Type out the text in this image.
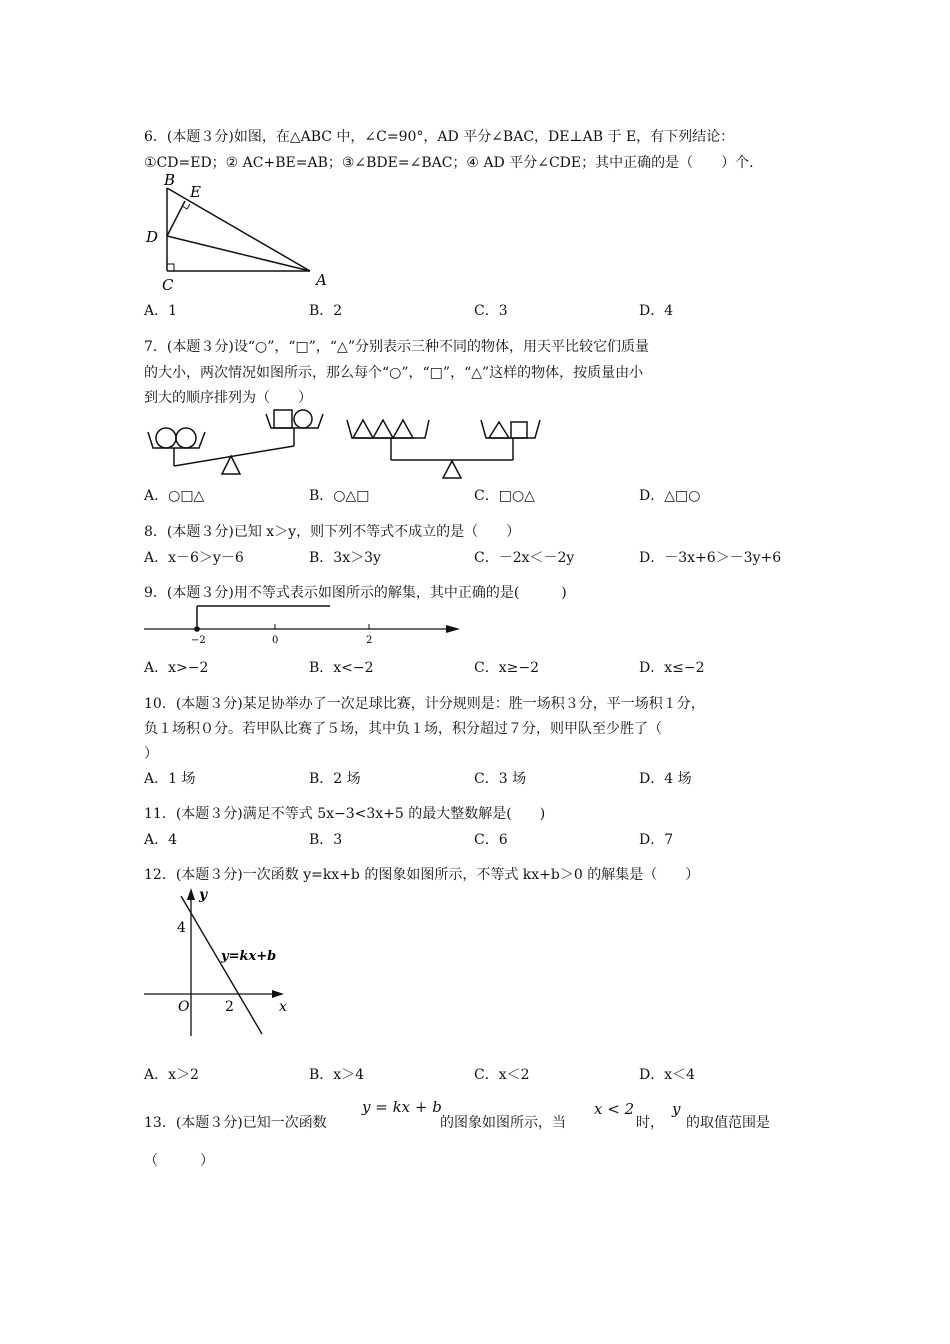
6．(本题３分)如图，在△ABC 中，∠C=90°，AD 平分∠BAC，DE⊥AB 于 E，有下列结论：
①CD=ED；② AC+BE=AB；③∠BDE=∠BAC；④ AD 平分∠CDE；其中正确的是（　　）个.
B
E
D
C	A
A．1	B．2	C．3	D．4
7．(本题３分)设“○”，“□”，“△”分别表示三种不同的物体，用天平比较它们质量
的大小，两次情况如图所示，那么每个“○”，“□”，“△”这样的物体，按质量由小
到大的顺序排列为（　　）
A．○□△	B．○△□	C．□○△	D．△□○
8．(本题３分)已知 x＞y，则下列不等式不成立的是（　　）
A．x－6＞y－6	B．3x＞3y	C．－2x＜－2y	D．－3x+6＞－3y+6
9．(本题３分)用不等式表示如图所示的解集，其中正确的是(　　　)
−2	0	2
A．x>−2	B．x<−2	C．x≥−2	D．x≤−2
10．(本题３分)某足协举办了一次足球比赛，计分规则是：胜一场积３分，平一场积１分，
负１场积０分。若甲队比赛了５场，其中负１场，积分超过７分，则甲队至少胜了（
）
A．1 场	B．2 场	C．3 场	D．4 场
11．(本题３分)满足不等式 5x−3<3x+5 的最大整数解是(　　)
A．4	B．3	C．6	D．7
12．(本题３分)一次函数 y=kx+b 的图象如图所示，不等式 kx+b＞0 的解集是（　　）
y
x
O
4
2
y=kx+b
A．x＞2	B．x＞4	C．x＜2	D．x＜4
13．(本题３分)已知一次函数
y = kx + b
的图象如图所示，当
x < 2
时，
y
的取值范围是
（　　　）
